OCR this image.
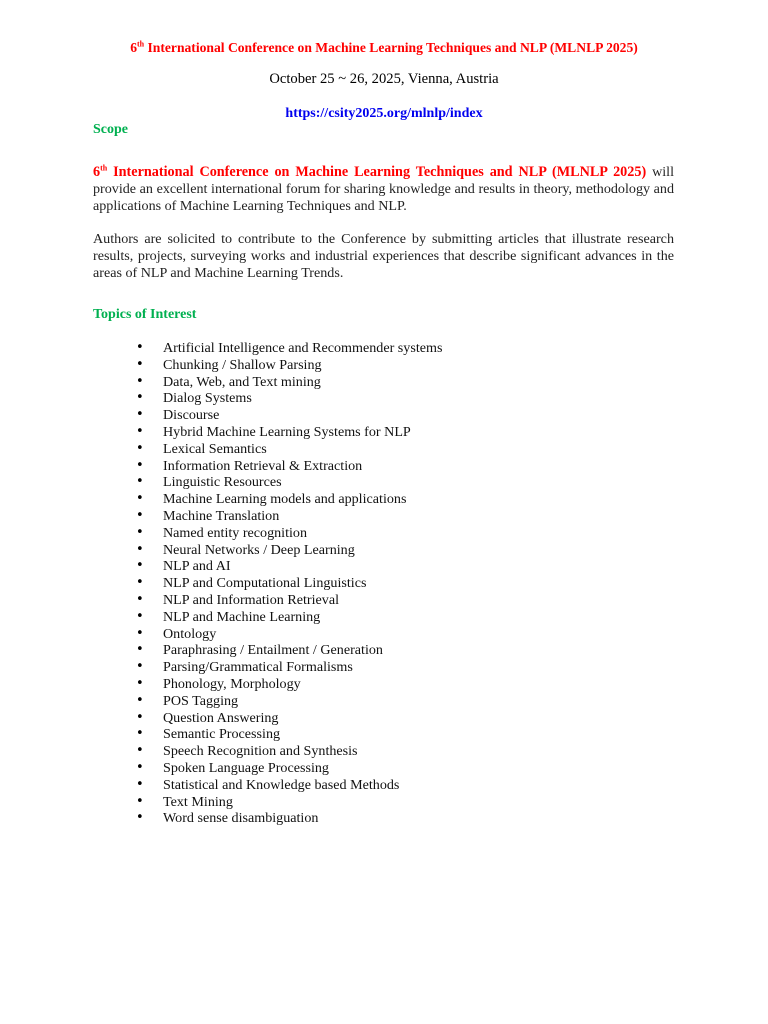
6th International Conference on Machine Learning Techniques and NLP (MLNLP 2025)
October 25 ~ 26, 2025, Vienna, Austria
https://csity2025.org/mlnlp/index
Scope
6th International Conference on Machine Learning Techniques and NLP (MLNLP 2025) will provide an excellent international forum for sharing knowledge and results in theory, methodology and applications of Machine Learning Techniques and NLP.
Authors are solicited to contribute to the Conference by submitting articles that illustrate research results, projects, surveying works and industrial experiences that describe significant advances in the areas of NLP and Machine Learning Trends.
Topics of Interest
• Artificial Intelligence and Recommender systems
• Chunking / Shallow Parsing
• Data, Web, and Text mining
• Dialog Systems
• Discourse
• Hybrid Machine Learning Systems for NLP
• Lexical Semantics
• Information Retrieval & Extraction
• Linguistic Resources
• Machine Learning models and applications
• Machine Translation
• Named entity recognition
• Neural Networks / Deep Learning
• NLP and AI
• NLP and Computational Linguistics
• NLP and Information Retrieval
• NLP and Machine Learning
• Ontology
• Paraphrasing / Entailment / Generation
• Parsing/Grammatical Formalisms
• Phonology, Morphology
• POS Tagging
• Question Answering
• Semantic Processing
• Speech Recognition and Synthesis
• Spoken Language Processing
• Statistical and Knowledge based Methods
• Text Mining
• Word sense disambiguation
